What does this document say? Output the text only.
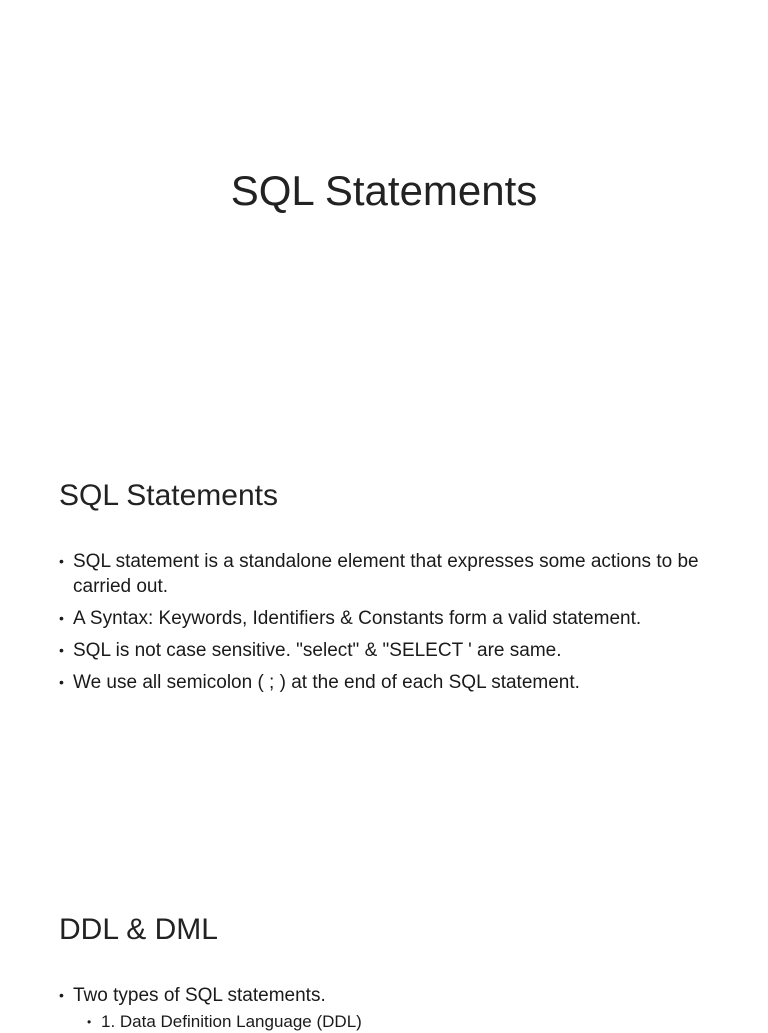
SQL Statements
SQL Statements
• SQL statement is a standalone element that expresses some actions to be carried out.
• A Syntax: Keywords, Identifiers & Constants form a valid statement.
• SQL is not case sensitive. "select" & "SELECT ' are same.
• We use all semicolon ( ; ) at the end of each SQL statement.
DDL & DML
• Two types of SQL statements.
• 1. Data Definition Language (DDL)
